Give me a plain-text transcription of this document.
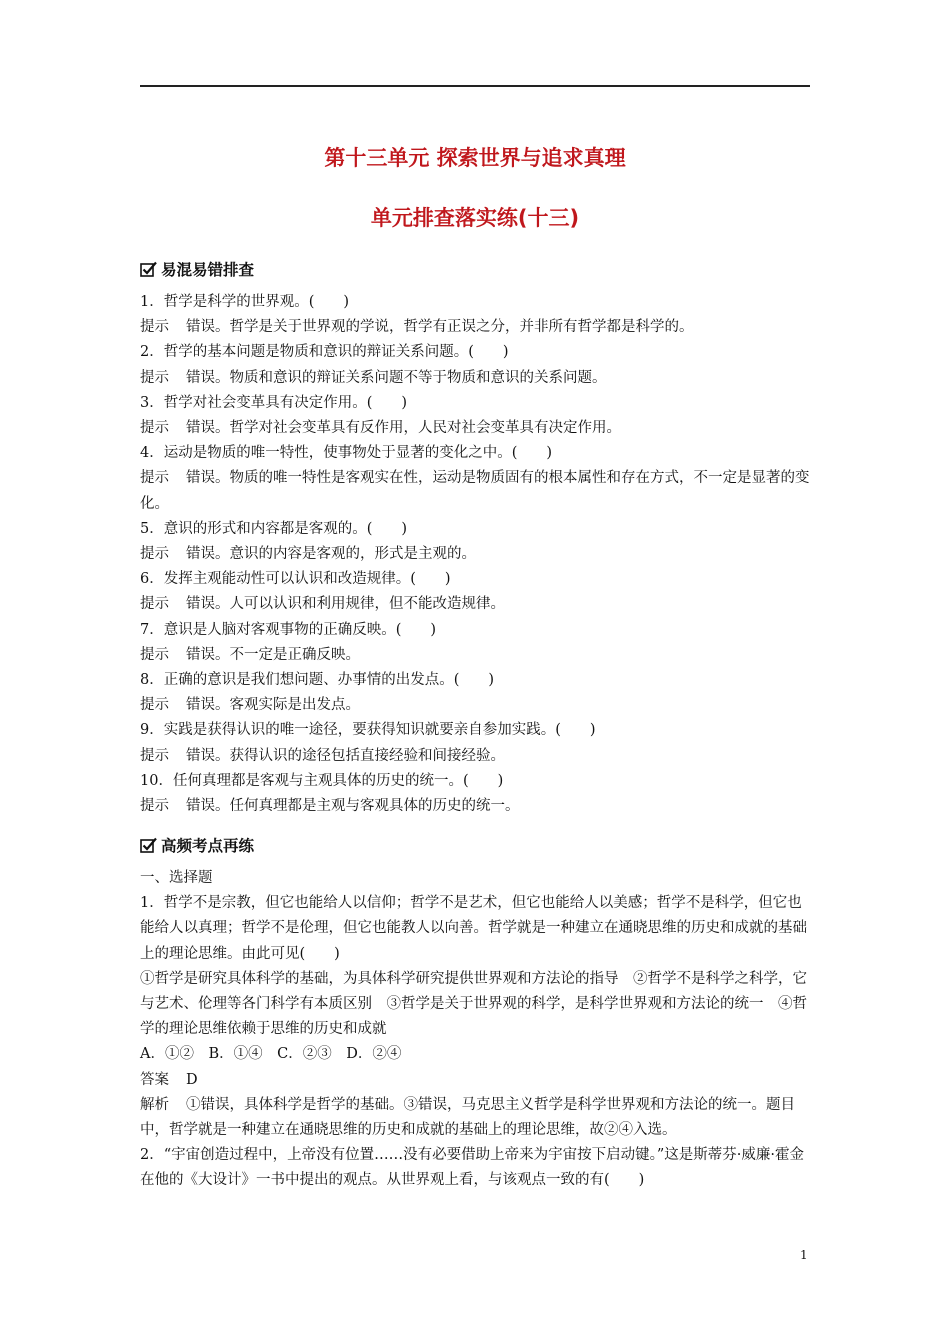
第十三单元 探索世界与追求真理
单元排查落实练(十三)
易混易错排查

1．哲学是科学的世界观。(　　)

提示 错误。哲学是关于世界观的学说，哲学有正误之分，并非所有哲学都是科学的。

2．哲学的基本问题是物质和意识的辩证关系问题。(　　)

提示 错误。物质和意识的辩证关系问题不等于物质和意识的关系问题。

3．哲学对社会变革具有决定作用。(　　)

提示 错误。哲学对社会变革具有反作用，人民对社会变革具有决定作用。

4．运动是物质的唯一特性，使事物处于显著的变化之中。(　　)

提示 错误。物质的唯一特性是客观实在性，运动是物质固有的根本属性和存在方式，不一定是显著的变化。

5．意识的形式和内容都是客观的。(　　)

提示 错误。意识的内容是客观的，形式是主观的。

6．发挥主观能动性可以认识和改造规律。(　　)

提示 错误。人可以认识和利用规律，但不能改造规律。

7．意识是人脑对客观事物的正确反映。(　　)

提示 错误。不一定是正确反映。

8．正确的意识是我们想问题、办事情的出发点。(　　)

提示 错误。客观实际是出发点。

9．实践是获得认识的唯一途径，要获得知识就要亲自参加实践。(　　)

提示 错误。获得认识的途径包括直接经验和间接经验。

10．任何真理都是客观与主观具体的历史的统一。(　　)

提示 错误。任何真理都是主观与客观具体的历史的统一。

高频考点再练

一、选择题

1．哲学不是宗教，但它也能给人以信仰；哲学不是艺术，但它也能给人以美感；哲学不是科学，但它也能给人以真理；哲学不是伦理，但它也能教人以向善。哲学就是一种建立在通晓思维的历史和成就的基础上的理论思维。由此可见(　　)

①哲学是研究具体科学的基础，为具体科学研究提供世界观和方法论的指导　②哲学不是科学之科学，它与艺术、伦理等各门科学有本质区别　③哲学是关于世界观的科学，是科学世界观和方法论的统一　④哲学的理论思维依赖于思维的历史和成就

A．①②　B．①④　C．②③　D．②④

答案 D

解析 ①错误，具体科学是哲学的基础。③错误，马克思主义哲学是科学世界观和方法论的统一。题目中，哲学就是一种建立在通晓思维的历史和成就的基础上的理论思维，故②④入选。

2．“宇宙创造过程中，上帝没有位置……没有必要借助上帝来为宇宙按下启动键。”这是斯蒂芬·威廉·霍金在他的《大设计》一书中提出的观点。从世界观上看，与该观点一致的有(　　)

1
